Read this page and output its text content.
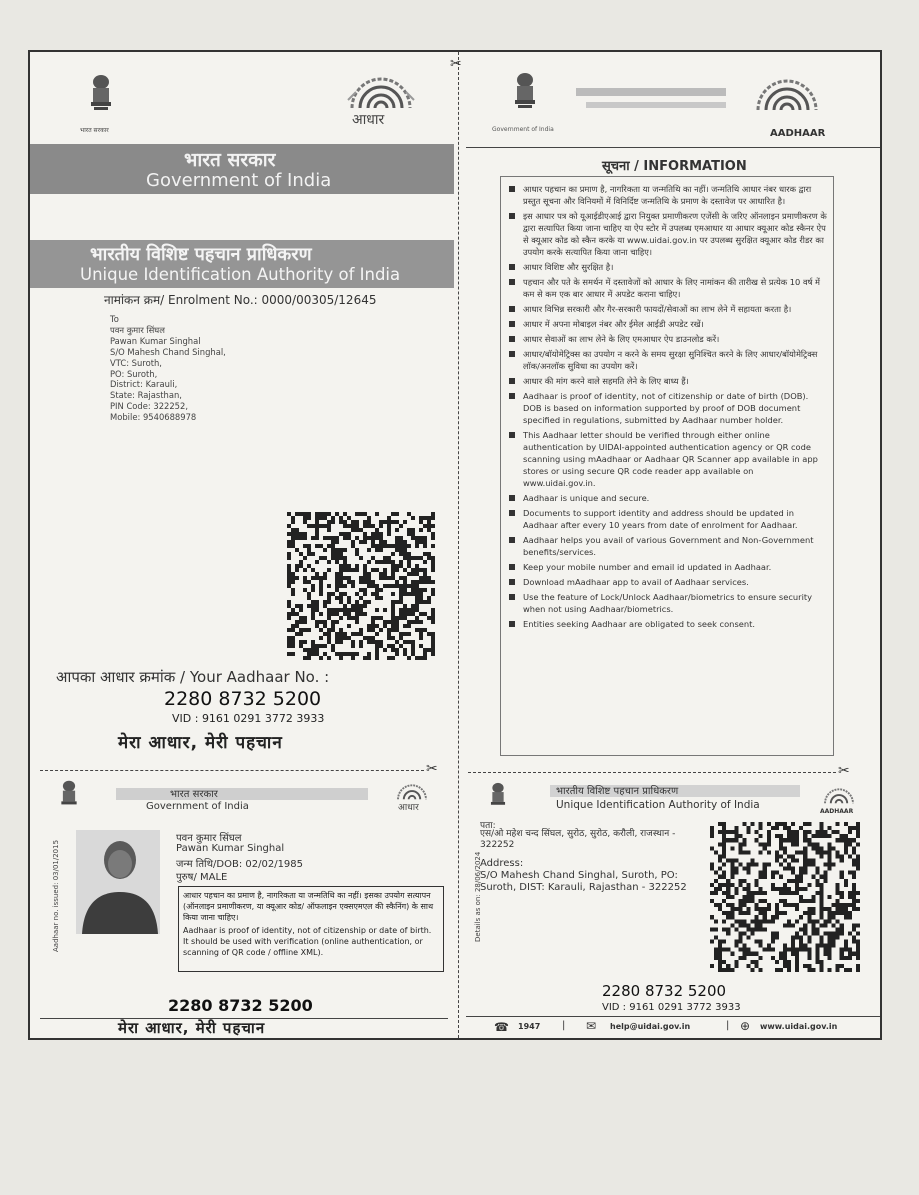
✂
भारत सरकार
आधार
भारत सरकार
Government of India
भारतीय विशिष्ट पहचान प्राधिकरण
Unique Identification Authority of India
नामांकन क्रम/ Enrolment No.: 0000/00305/12645
To
पवन कुमार सिंघल
Pawan Kumar Singhal
S/O Mahesh Chand Singhal,
VTC: Suroth,
PO: Suroth,
District: Karauli,
State: Rajasthan,
PIN Code: 322252,
Mobile: 9540688978
आपका आधार क्रमांक / Your Aadhaar No. :
2280 8732 5200
VID : 9161 0291 3772 3933
मेरा आधार, मेरी पहचान
Government of India	AADHAAR
सूचना / INFORMATION
आधार पहचान का प्रमाण है, नागरिकता या जन्मतिथि का नहीं। जन्मतिथि आधार नंबर धारक द्वारा प्रस्तुत सूचना और विनियमों में विनिर्दिष्ट जन्मतिथि के प्रमाण के दस्तावेज पर आधारित है।
इस आधार पत्र को यूआईडीएआई द्वारा नियुक्त प्रमाणीकरण एजेंसी के जरिए ऑनलाइन प्रमाणीकरण के द्वारा सत्यापित किया जाना चाहिए या ऐप स्टोर में उपलब्ध एमआधार या आधार क्यूआर कोड स्कैनर ऐप से क्यूआर कोड को स्कैन करके या www.uidai.gov.in पर उपलब्ध सुरक्षित क्यूआर कोड रीडर का उपयोग करके सत्यापित किया जाना चाहिए।
आधार विशिष्ट और सुरक्षित है।
पहचान और पते के समर्थन में दस्तावेजों को आधार के लिए नामांकन की तारीख से प्रत्येक 10 वर्ष में कम से कम एक बार आधार में अपडेट कराना चाहिए।
आधार विभिन्न सरकारी और गैर-सरकारी फायदों/सेवाओं का लाभ लेने में सहायता करता है।
आधार में अपना मोबाइल नंबर और ईमेल आईडी अपडेट रखें।
आधार सेवाओं का लाभ लेने के लिए एमआधार ऐप डाउनलोड करें।
आधार/बॉयोमेट्रिक्स का उपयोग न करने के समय सुरक्षा सुनिश्चित करने के लिए आधार/बॉयोमेट्रिक्स लॉक/अनलॉक सुविधा का उपयोग करें।
आधार की मांग करने वाले सहमति लेने के लिए बाध्य हैं।
Aadhaar is proof of identity, not of citizenship or date of birth (DOB). DOB is based on information supported by proof of DOB document specified in regulations, submitted by Aadhaar number holder.
This Aadhaar letter should be verified through either online authentication by UIDAI-appointed authentication agency or QR code scanning using mAadhaar or Aadhaar QR Scanner app available in app stores or using secure QR code reader app available on www.uidai.gov.in.
Aadhaar is unique and secure.
Documents to support identity and address should be updated in Aadhaar after every 10 years from date of enrolment for Aadhaar.
Aadhaar helps you avail of various Government and Non-Government benefits/services.
Keep your mobile number and email id updated in Aadhaar.
Download mAadhaar app to avail of Aadhaar services.
Use the feature of Lock/Unlock Aadhaar/biometrics to ensure security when not using Aadhaar/biometrics.
Entities seeking Aadhaar are obligated to seek consent.
✂	✂
भारत सरकार
Government of India	आधार
Aadhaar no. issued: 03/01/2015
पवन कुमार सिंघल
Pawan Kumar Singhal
जन्म तिथि/DOB: 02/02/1985
पुरुष/ MALE
आधार पहचान का प्रमाण है, नागरिकता या जन्मतिथि का नहीं। इसका उपयोग सत्यापन (ऑनलाइन प्रमाणीकरण, या क्यूआर कोड/ ऑफलाइन एक्सएमएल की स्कैनिंग) के साथ किया जाना चाहिए।
Aadhaar is proof of identity, not of citizenship or date of birth. It should be used with verification (online authentication, or scanning of QR code / offline XML).
2280 8732 5200
मेरा आधार, मेरी पहचान
भारतीय विशिष्ट पहचान प्राधिकरण
Unique Identification Authority of India
AADHAAR
Details as on: 28/06/2024
पता:
एस/ओ महेश चन्द सिंघल, सुरोठ, सुरोठ, करौली, राजस्थान - 322252
Address:
S/O Mahesh Chand Singhal, Suroth, PO: Suroth, DIST: Karauli, Rajasthan - 322252
2280 8732 5200
VID : 9161 0291 3772 3933
☎ 1947 | ✉ help@uidai.gov.in	| ⊕ www.uidai.gov.in
